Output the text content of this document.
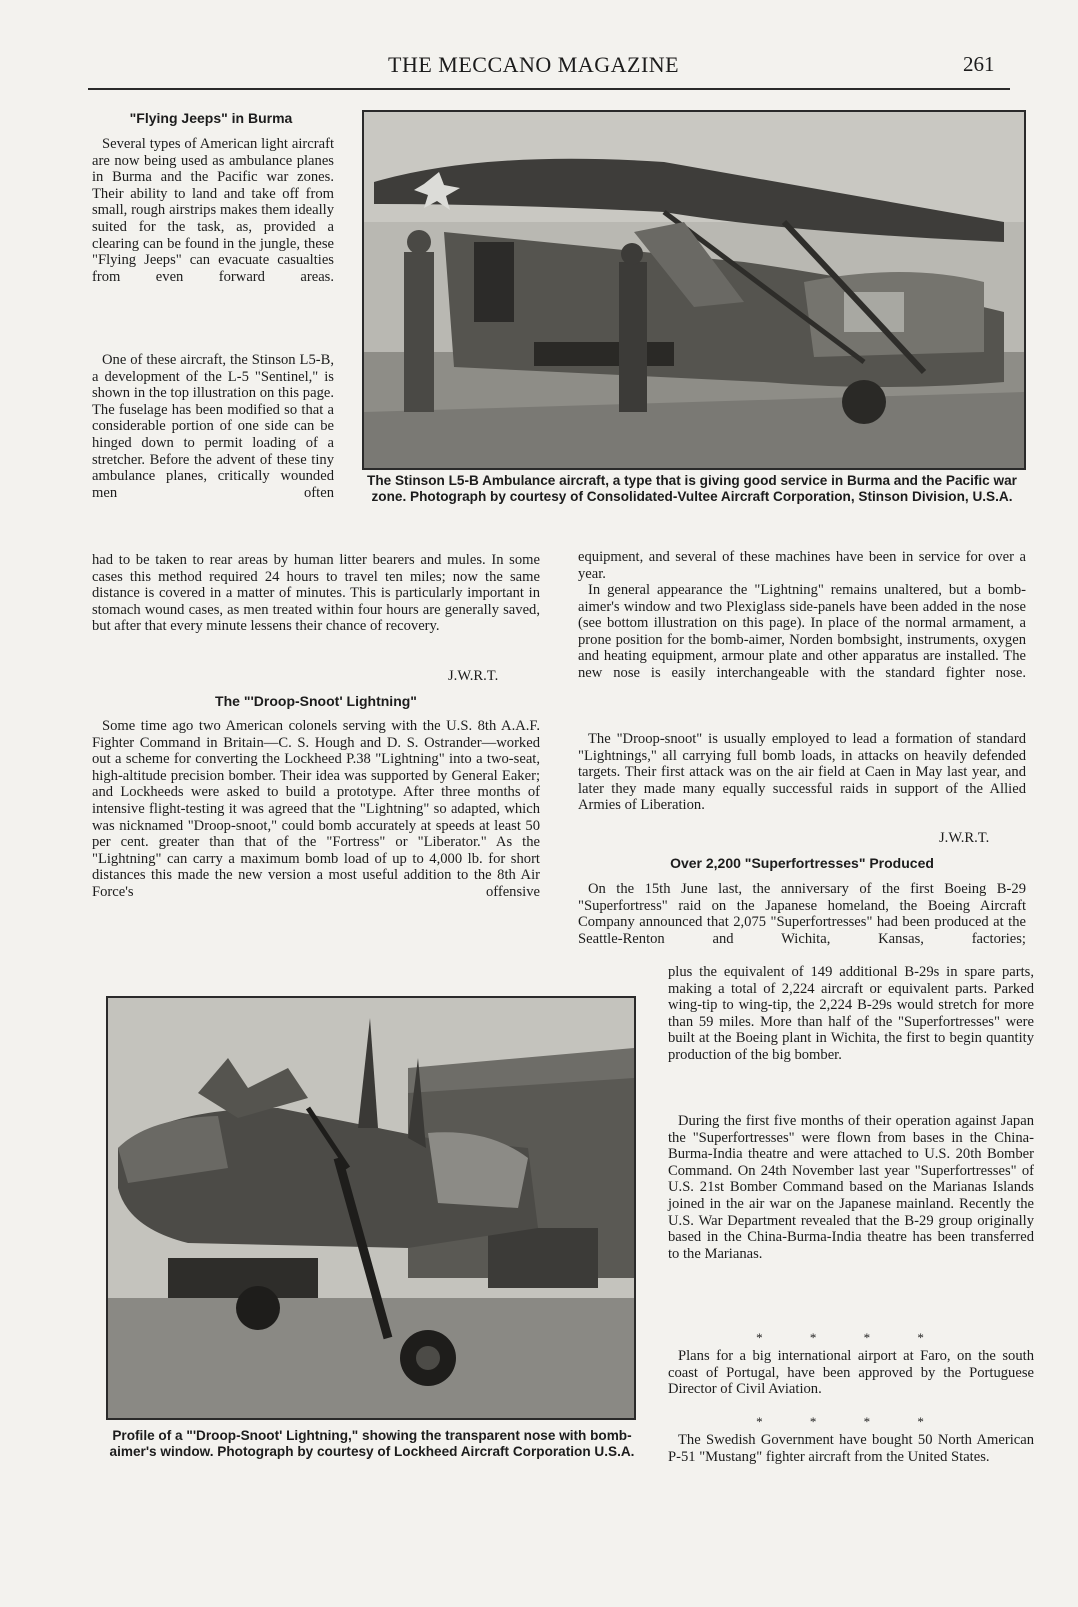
THE MECCANO MAGAZINE	261
"Flying Jeeps" in Burma

Several types of American light aircraft are now being used as ambulance planes in Burma and the Pacific war zones. Their ability to land and take off from small, rough airstrips makes them ideally suited for the task, as, provided a clearing can be found in the jungle, these "Flying Jeeps" can evacuate casualties from even forward areas.

One of these aircraft, the Stinson L5-B, a development of the L-5 "Sentinel," is shown in the top illustration on this page. The fuselage has been modified so that a considerable portion of one side can be hinged down to permit loading of a stretcher. Before the advent of these tiny ambulance planes, critically wounded men often

had to be taken to rear areas by human litter bearers and mules. In some cases this method required 24 hours to travel ten miles; now the same distance is covered in a matter of minutes. This is particularly important in stomach wound cases, as men treated within four hours are generally saved, but after that every minute lessens their chance of recovery.

J.W.R.T.

The Stinson L5-B Ambulance aircraft, a type that is giving good service in Burma and the Pacific war zone. Photograph by courtesy of Consolidated-Vultee Aircraft Corporation, Stinson Division, U.S.A.

The "'Droop-Snoot' Lightning"

Some time ago two American colonels serving with the U.S. 8th A.A.F. Fighter Command in Britain—C. S. Hough and D. S. Ostrander—worked out a scheme for converting the Lockheed P.38 "Lightning" into a two-seat, high-altitude precision bomber. Their idea was supported by General Eaker; and Lockheeds were asked to build a prototype. After three months of intensive flight-testing it was agreed that the "Lightning" so adapted, which was nicknamed "Droop-snoot," could bomb accurately at speeds at least 50 per cent. greater than that of the "Fortress" or "Liberator." As the "Lightning" can carry a maximum bomb load of up to 4,000 lb. for short distances this made the new version a most useful addition to the 8th Air Force's offensive

equipment, and several of these machines have been in service for over a year.

In general appearance the "Lightning" remains unaltered, but a bomb-aimer's window and two Plexiglass side-panels have been added in the nose (see bottom illustration on this page). In place of the normal armament, a prone position for the bomb-aimer, Norden bombsight, instruments, oxygen and heating equipment, armour plate and other apparatus are installed. The new nose is easily interchangeable with the standard fighter nose.

The "Droop-snoot" is usually employed to lead a formation of standard "Lightnings," all carrying full bomb loads, in attacks on heavily defended targets. Their first attack was on the air field at Caen in May last year, and later they made many equally successful raids in support of the Allied Armies of Liberation.

J.W.R.T.
Over 2,200 "Superfortresses" Produced

On the 15th June last, the anniversary of the first Boeing B-29 "Superfortress" raid on the Japanese homeland, the Boeing Aircraft Company announced that 2,075 "Superfortresses" had been produced at the Seattle-Renton and Wichita, Kansas, factories;

plus the equivalent of 149 additional B-29s in spare parts, making a total of 2,224 aircraft or equivalent parts. Parked wing-tip to wing-tip, the 2,224 B-29s would stretch for more than 59 miles. More than half of the "Superfortresses" were built at the Boeing plant in Wichita, the first to begin quantity production of the big bomber.

During the first five months of their operation against Japan the "Superfortresses" were flown from bases in the China-Burma-India theatre and were attached to U.S. 20th Bomber Command. On 24th November last year "Superfortresses" of U.S. 21st Bomber Command based on the Marianas Islands joined in the air war on the Japanese mainland. Recently the U.S. War Department revealed that the B-29 group originally based in the China-Burma-India theatre has been transferred to the Marianas.

* * * *

Plans for a big international airport at Faro, on the south coast of Portugal, have been approved by the Portuguese Director of Civil Aviation.

* * * *

The Swedish Government have bought 50 North American P-51 "Mustang" fighter aircraft from the United States.

Profile of a "'Droop-Snoot' Lightning," showing the transparent nose with bomb-aimer's window. Photograph by courtesy of Lockheed Aircraft Corporation U.S.A.
